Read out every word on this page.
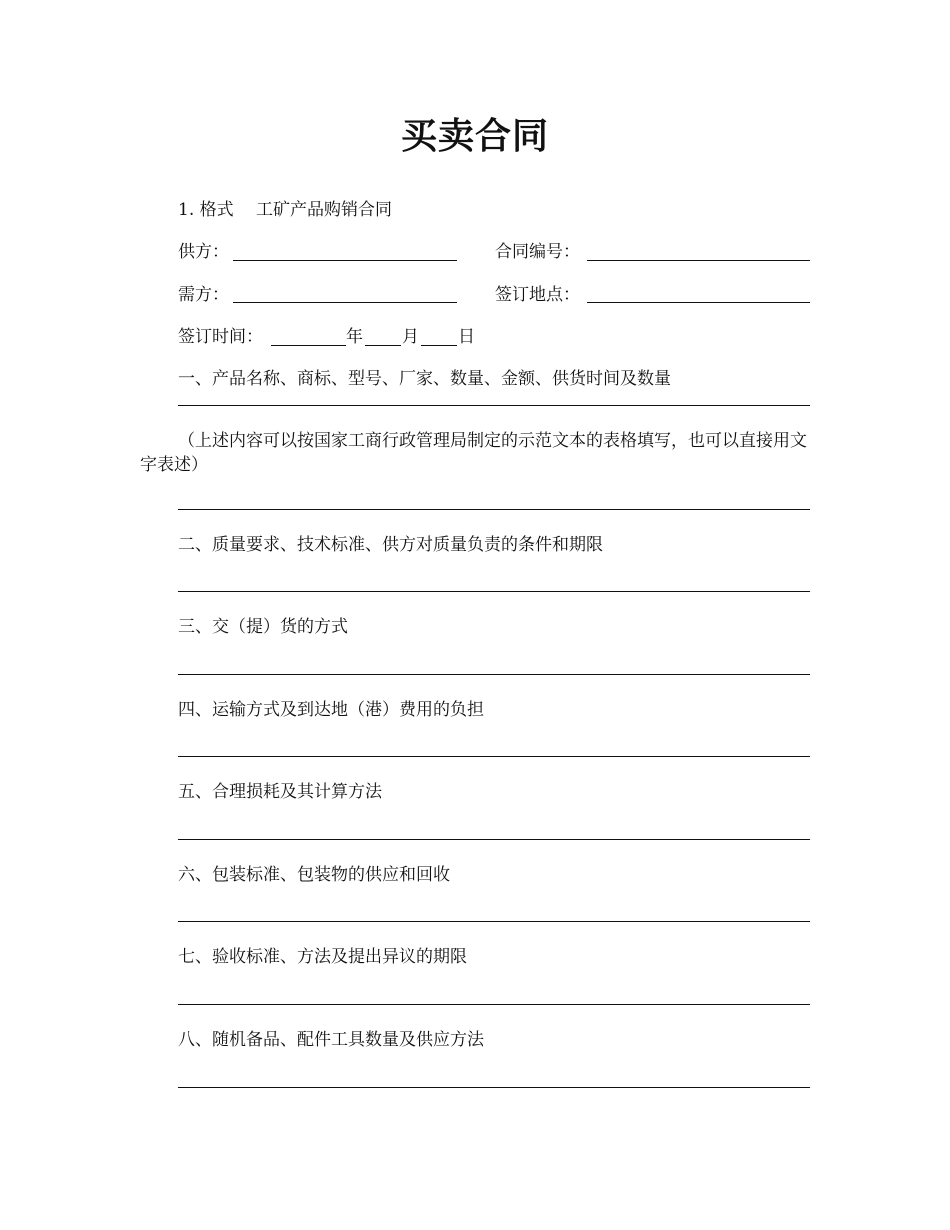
买卖合同
1. 格式　 工矿产品购销合同
供方：	合同编号：
需方：	签订地点：
签订时间：	年 月 日
一、产品名称、商标、型号、厂家、数量、金额、供货时间及数量
（上述内容可以按国家工商行政管理局制定的示范文本的表格填写，也可以直接用文字表述）
二、质量要求、技术标准、供方对质量负责的条件和期限
三、交（提）货的方式
四、运输方式及到达地（港）费用的负担
五、合理损耗及其计算方法
六、包装标准、包装物的供应和回收
七、验收标准、方法及提出异议的期限
八、随机备品、配件工具数量及供应方法
